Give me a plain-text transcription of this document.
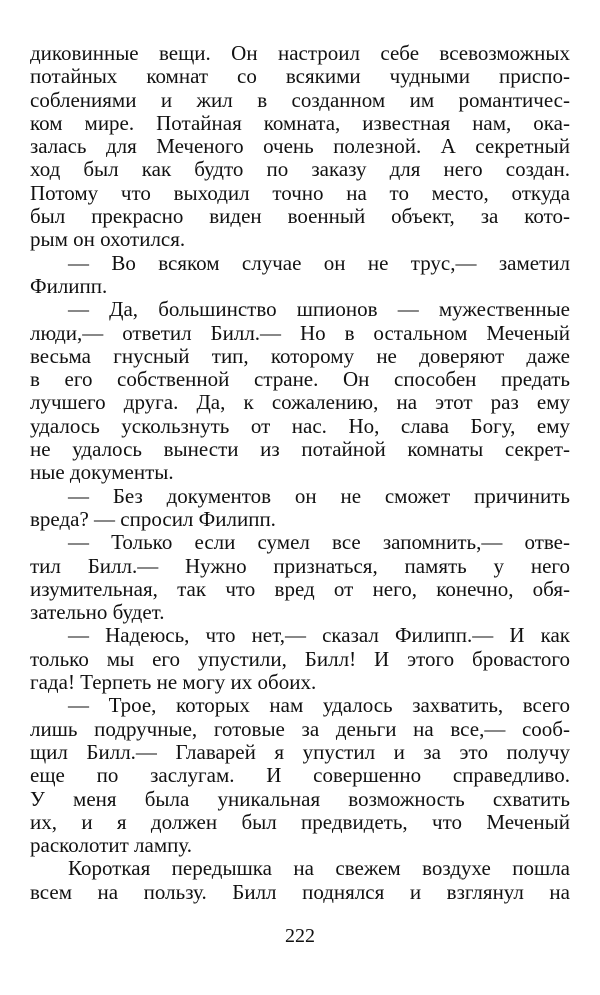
диковинные вещи. Он настроил себе всевозможных
потайных комнат со всякими чудными приспо-
соблениями и жил в созданном им романтичес-
ком мире. Потайная комната, известная нам, ока-
залась для Меченого очень полезной. А секретный
ход был как будто по заказу для него создан.
Потому что выходил точно на то место, откуда
был прекрасно виден военный объект, за кото-
рым он охотился.
— Во всяком случае он не трус,— заметил
Филипп.
— Да, большинство шпионов — мужественные
люди,— ответил Билл.— Но в остальном Меченый
весьма гнусный тип, которому не доверяют даже
в его собственной стране. Он способен предать
лучшего друга. Да, к сожалению, на этот раз ему
удалось ускользнуть от нас. Но, слава Богу, ему
не удалось вынести из потайной комнаты секрет-
ные документы.
— Без документов он не сможет причинить
вреда? — спросил Филипп.
— Только если сумел все запомнить,— отве-
тил Билл.— Нужно признаться, память у него
изумительная, так что вред от него, конечно, обя-
зательно будет.
— Надеюсь, что нет,— сказал Филипп.— И как
только мы его упустили, Билл! И этого бровастого
гада! Терпеть не могу их обоих.
— Трое, которых нам удалось захватить, всего
лишь подручные, готовые за деньги на все,— сооб-
щил Билл.— Главарей я упустил и за это получу
еще по заслугам. И совершенно справедливо.
У меня была уникальная возможность схватить
их, и я должен был предвидеть, что Меченый
расколотит лампу.
Короткая передышка на свежем воздухе пошла
всем на пользу. Билл поднялся и взглянул на
222
